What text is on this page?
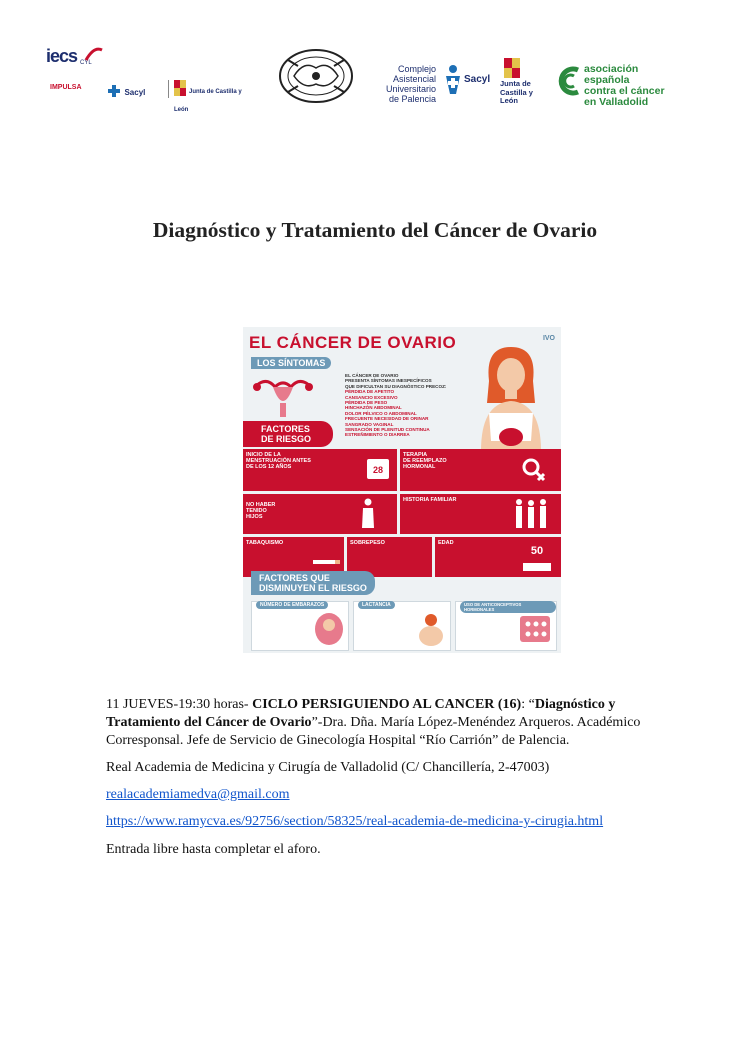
iecs CYL
IMPULSA
Sacyl	Junta de Castilla y León
Complejo Asistencial
Universitario
de Palencia
Sacyl Junta de
Castilla y León
asociación española
contra el cáncer
en Valladolid
Diagnóstico y Tratamiento del Cáncer de Ovario
EL CÁNCER DE OVARIO	IVO
LOS SÍNTOMAS
EL CÁNCER DE OVARIO
PRESENTA SÍNTOMAS INESPECÍFICOS
QUE DIFICULTAN SU DIAGNÓSTICO PRECOZ:
PÉRDIDA DE APETITO
CANSANCIO EXCESIVO
PÉRDIDA DE PESO
HINCHAZÓN ABDOMINAL
DOLOR PÉLVICO O ABDOMINAL
FRECUENTE NECESIDAD DE ORINAR
SANGRADO VAGINAL
SENSACIÓN DE PLENITUD CONTINUA
ESTREÑIMIENTO O DIARREA
FACTORES
DE RIESGO
INICIO DE LA
MENSTRUACIÓN ANTES
DE LOS 12 AÑOS	28
TERAPIA
DE REEMPLAZO
HORMONAL
NO HABER
TENIDO
HIJOS
HISTORIA FAMILIAR
TABAQUISMO	SOBREPESO	EDAD
50
FACTORES QUE
DISMINUYEN EL RIESGO
NÚMERO DE EMBARAZOS	LACTANCIA	USO DE ANTICONCEPTIVOS HORMONALES
11 JUEVES-19:30 horas- CICLO PERSIGUIENDO AL CANCER (16): “Diagnóstico y Tratamiento del Cáncer de Ovario”-Dra. Dña. María López-Menéndez Arqueros. Académico Corresponsal. Jefe de Servicio de Ginecología Hospital “Río Carrión” de Palencia.
Real Academia de Medicina y Cirugía de Valladolid (C/ Chancillería, 2-47003)
realacademiamedva@gmail.com
https://www.ramycva.es/92756/section/58325/real-academia-de-medicina-y-cirugia.html
Entrada libre hasta completar el aforo.
